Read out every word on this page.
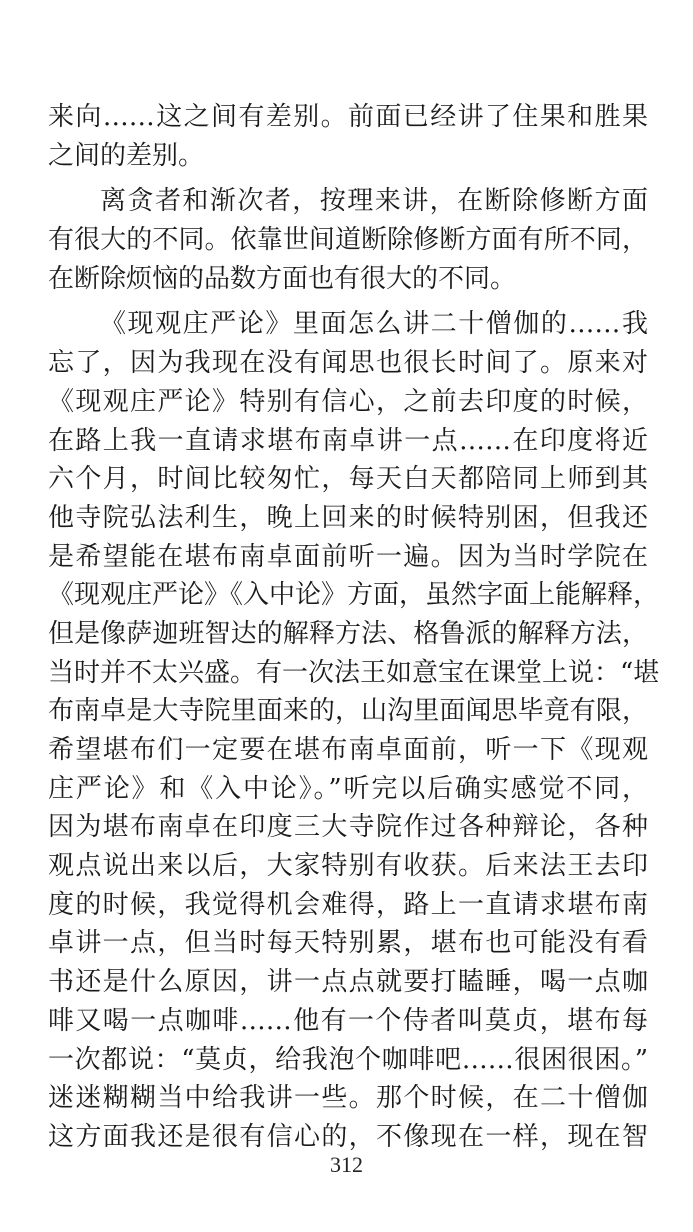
来向……这之间有差别。前面已经讲了住果和胜果
之间的差别。
离贪者和渐次者，按理来讲，在断除修断方面
有很大的不同。依靠世间道断除修断方面有所不同，
在断除烦恼的品数方面也有很大的不同。
《现观庄严论》里面怎么讲二十僧伽的……我
忘了，因为我现在没有闻思也很长时间了。原来对
《现观庄严论》特别有信心，之前去印度的时候，
在路上我一直请求堪布南卓讲一点……在印度将近
六个月，时间比较匆忙，每天白天都陪同上师到其
他寺院弘法利生，晚上回来的时候特别困，但我还
是希望能在堪布南卓面前听一遍。因为当时学院在
《现观庄严论》《入中论》方面，虽然字面上能解释，
但是像萨迦班智达的解释方法、格鲁派的解释方法，
当时并不太兴盛。有一次法王如意宝在课堂上说：“堪
布南卓是大寺院里面来的，山沟里面闻思毕竟有限，
希望堪布们一定要在堪布南卓面前，听一下《现观
庄严论》和《入中论》。”听完以后确实感觉不同，
因为堪布南卓在印度三大寺院作过各种辩论，各种
观点说出来以后，大家特别有收获。后来法王去印
度的时候，我觉得机会难得，路上一直请求堪布南
卓讲一点，但当时每天特别累，堪布也可能没有看
书还是什么原因，讲一点点就要打瞌睡，喝一点咖
啡又喝一点咖啡……他有一个侍者叫莫贞，堪布每
一次都说：“莫贞，给我泡个咖啡吧……很困很困。”
迷迷糊糊当中给我讲一些。那个时候，在二十僧伽
这方面我还是很有信心的，不像现在一样，现在智
312
